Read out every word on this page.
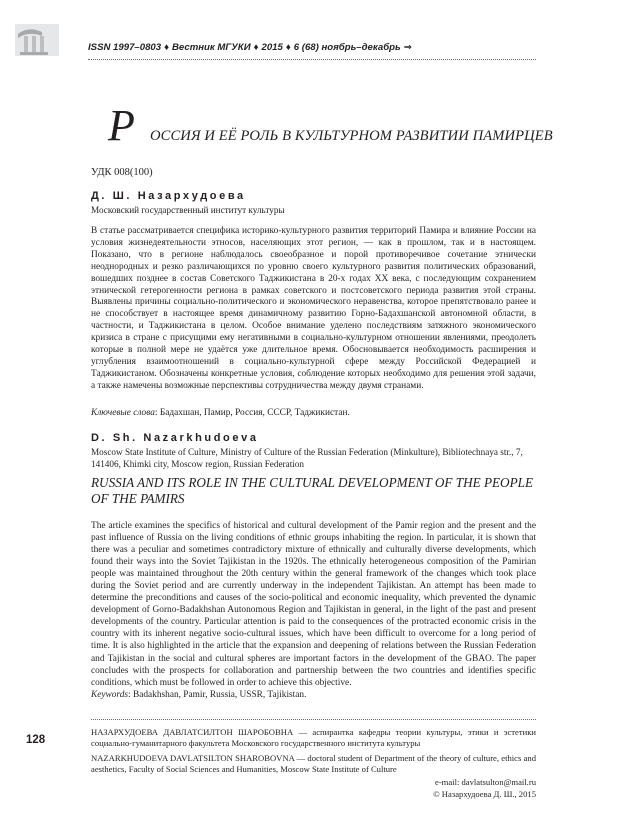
ISSN 1997–0803 ♦ Вестник МГУКИ ♦ 2015 ♦ 6 (68) ноябрь–декабрь ⇒
Р ОССИЯ И ЕЁ РОЛЬ В КУЛЬТУРНОМ РАЗВИТИИ ПАМИРЦЕВ
УДК 008(100)
Д. Ш. Назархудоева
Московский государственный институт культуры

В статье рассматривается специфика историко-культурного развития территорий Памира и влияние России на условия жизнедеятельности этносов, населяющих этот регион, — как в прошлом, так и в настоящем. Показано, что в регионе наблюдалось своеобразное и порой противоречивое сочетание этнически неоднородных и резко различающихся по уровню своего культурного развития политических образований, вошедших позднее в состав Советского Таджикистана в 20-х годах XX века, с последующим сохранением этнической гетерогенности региона в рамках советского и постсоветского периода развития этой страны. Выявлены причины социально-политического и экономического неравенства, которое препятствовало ранее и не способствует в настоящее время динамичному развитию Горно-Бадахшанской автономной области, в частности, и Таджикистана в целом. Особое внимание уделено последствиям затяжного экономического кризиса в стране с присущими ему негативными в социально-культурном отношении явлениями, преодолеть которые в полной мере не удаётся уже длительное время. Обосновывается необходимость расширения и углубления взаимоотношений в социально-культурной сфере между Российской Федерацией и Таджикистаном. Обозначены конкретные условия, соблюдение которых необходимо для решения этой задачи, а также намечены возможные перспективы сотрудничества между двумя странами.

Ключевые слова: Бадахшан, Памир, Россия, СССР, Таджикистан.
D. Sh. Nazarkhudoeva
Moscow State Institute of Culture, Ministry of Culture of the Russian Federation (Minkulture), Bibliotechnaya str., 7, 141406, Khimki city, Moscow region, Russian Federation
RUSSIA AND ITS ROLE IN THE CULTURAL DEVELOPMENT OF THE PEOPLE OF THE PAMIRS

The article examines the specifics of historical and cultural development of the Pamir region and the present and the past influence of Russia on the living conditions of ethnic groups inhabiting the region. In particular, it is shown that there was a peculiar and sometimes contradictory mixture of ethnically and culturally diverse developments, which found their ways into the Soviet Tajikistan in the 1920s. The ethnically heterogeneous composition of the Pamirian people was maintained throughout the 20th century within the general framework of the changes which took place during the Soviet period and are currently underway in the independent Tajikistan. An attempt has been made to determine the preconditions and causes of the socio-political and economic inequality, which prevented the dynamic development of Gorno-Badakhshan Autonomous Region and Tajikistan in general, in the light of the past and present developments of the country. Particular attention is paid to the consequences of the protracted economic crisis in the country with its inherent negative socio-cultural issues, which have been difficult to overcome for a long period of time. It is also highlighted in the article that the expansion and deepening of relations between the Russian Federation and Tajikistan in the social and cultural spheres are important factors in the development of the GBAO. The paper concludes with the prospects for collaboration and partnership between the two countries and identifies specific conditions, which must be followed in order to achieve this objective.

Keywords: Badakhshan, Pamir, Russia, USSR, Tajikistan.

128
НАЗАРХУДОЕВА ДАВЛАТСИЛТОН ШАРОБОВНА — аспирантка кафедры теории культуры, этики и эстетики социально-гуманитарного факультета Московского государственного института культуры
NAZARKHUDOEVA DAVLATSILTON SHAROBOVNA — doctoral student of Department of the theory of culture, ethics and aesthetics, Faculty of Social Sciences and Humanities, Moscow State Institute of Culture
e-mail: davlatsulton@mail.ru
© Назархудоева Д. Ш., 2015
